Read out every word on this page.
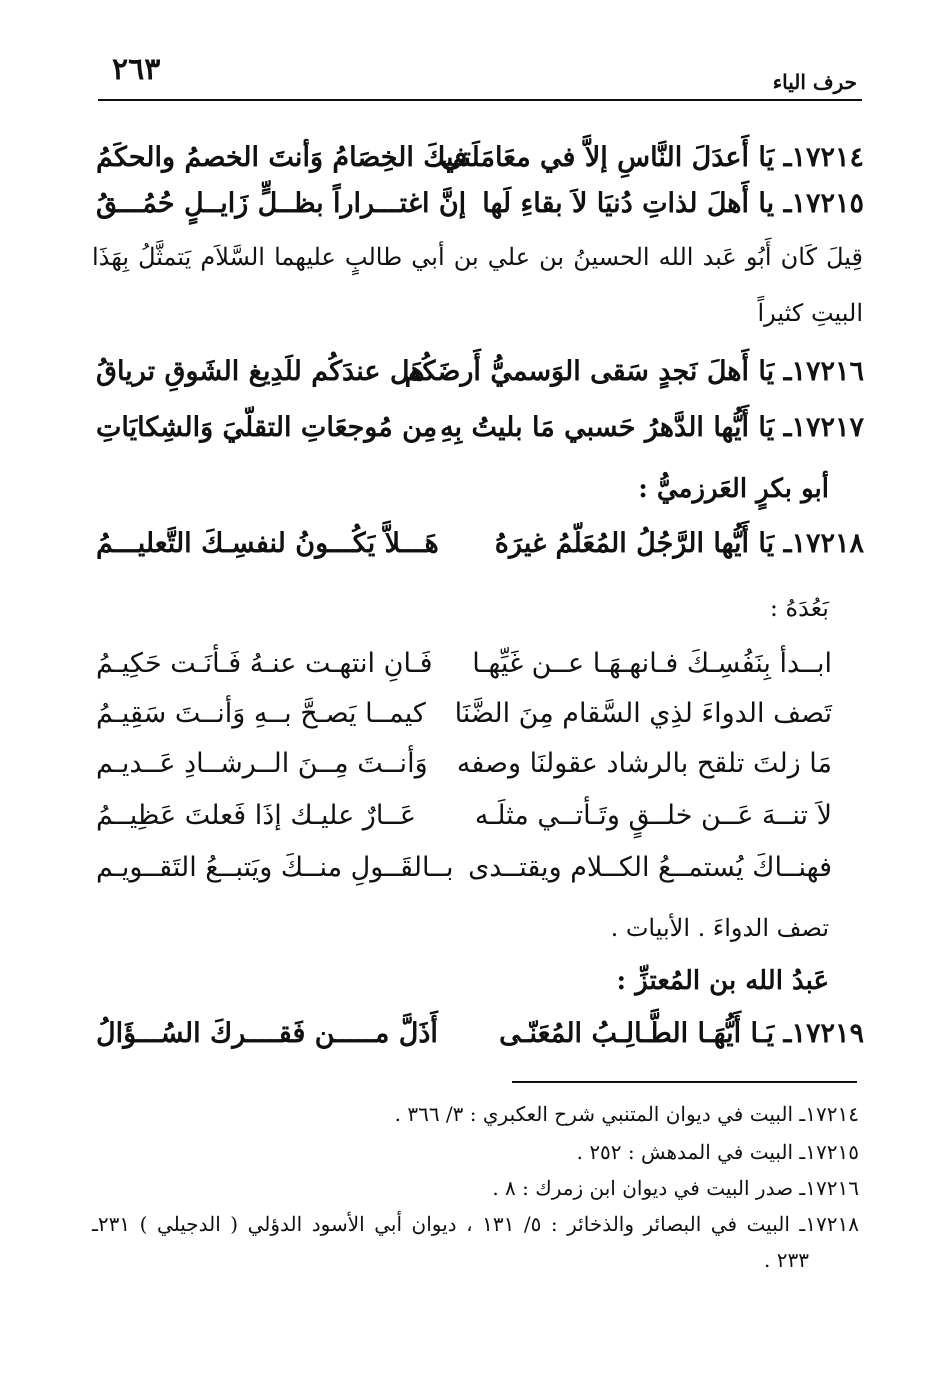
٢٦٣	حرف الياء
١٧٢١٤ـ يَا أَعدَلَ النَّاسِ إلاَّ في معَامَلَتي
فيكَ الخِصَامُ وَأنتَ الخصمُ والحكَمُ
١٧٢١٥ـ يا أَهلَ لذاتِ دُنيَا لاَ بقاءِ لَها
إنَّ اغتـــراراً بظــلٍّ زَايــلٍ حُمُـــقُ
قِيلَ كَان أَبُو عَبد الله الحسينُ بن علي بن أبي طالبٍ عليهما السَّلاَم يَتمثَّلُ بِهَذَا
البيتِ كثيراً
١٧٢١٦ـ يَا أَهلَ نَجدٍ سَقى الوَسميُّ أَرضَكُم
هَل عندَكُم للَدِيغ الشَوقِ ترياقُ
١٧٢١٧ـ يَا أَيُّها الدَّهرُ حَسبي مَا بليتُ بِهِ
مِن مُوجعَاتِ التقلّيَ وَالشِكايَاتِ
أبو بكرٍ العَرزميُّ :
١٧٢١٨ـ يَا أَيُّها الرَّجُلُ المُعَلّمُ غيرَهُ
هَـــلاَّ يَكُـــونُ لنفسِـكَ التَّعليـــمُ
بَعُدَهُ :
ابــدأ بِنَفُسِـكَ فـانهـهَـا عــن غَيِّهـا
فَـانِ انتهـت عنـهُ فَـأنَـت حَكِيـمُ
تَصف الدواءَ لذِي السَّقام مِنَ الضَّنَا
كيمــا يَصـحَّ بــهِ وَأنــتَ سَقِيـمُ
مَا زلتَ تلقح بالرشاد عقولنَا وصفه
وَأنــتَ مِــنَ الــرشــادِ عَــديـم
لاَ تنــهَ عَــن خلــقٍ وتَـأتــي مثلَـه
عَــارٌ عليـك إذَا فَعلتَ عَظِيــمُ
فهنــاكَ يُستمــعُ الكــلام ويقتــدى
بــالقَــولِ منــكَ ويَتبــعُ التَقــويـم
تصف الدواءَ . الأبيات .
عَبدُ الله بن المُعتزِّ :
١٧٢١٩ـ يَـا أَيُّهَـا الطَّـالِـبُ المُعَنّـى
أَذَلَّ مـــــن فَقــــركَ السُـــؤَالُ
١٧٢١٤ـ البيت في ديوان المتنبي شرح العكبري : ٣/ ٣٦٦ .
١٧٢١٥ـ البيت في المدهش : ٢٥٢ .
١٧٢١٦ـ صدر البيت في ديوان ابن زمرك : ٨ .
١٧٢١٨ـ البيت في البصائر والذخائر : ٥/ ١٣١ ، ديوان أبي الأسود الدؤلي ( الدجيلي ) ٢٣١ـ
٢٣٣ .
